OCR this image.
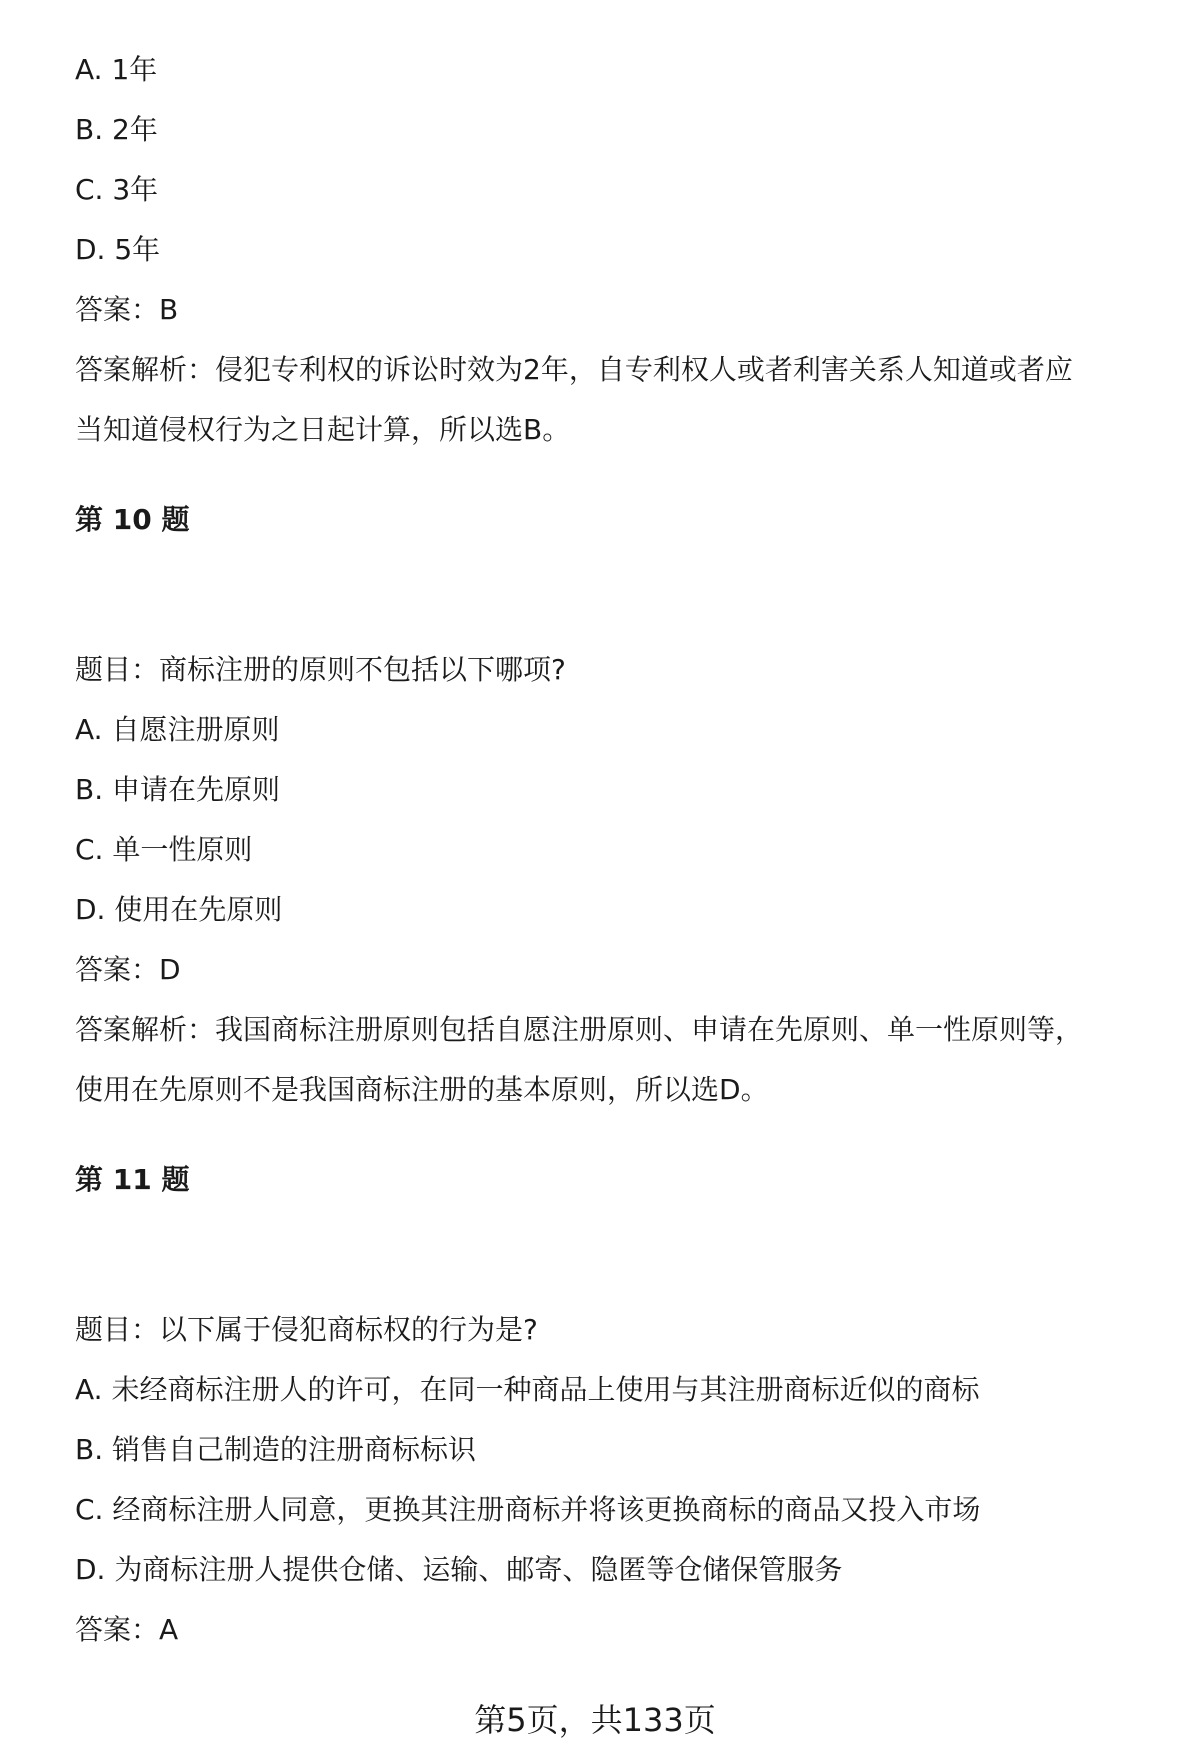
A. 1年
B. 2年
C. 3年
D. 5年
答案：B
答案解析：侵犯专利权的诉讼时效为2年，自专利权人或者利害关系人知道或者应
当知道侵权行为之日起计算，所以选B。
第 10 题
题目：商标注册的原则不包括以下哪项?
A. 自愿注册原则
B. 申请在先原则
C. 单一性原则
D. 使用在先原则
答案：D
答案解析：我国商标注册原则包括自愿注册原则、申请在先原则、单一性原则等，
使用在先原则不是我国商标注册的基本原则，所以选D。
第 11 题
题目：以下属于侵犯商标权的行为是?
A. 未经商标注册人的许可，在同一种商品上使用与其注册商标近似的商标
B. 销售自己制造的注册商标标识
C. 经商标注册人同意，更换其注册商标并将该更换商标的商品又投入市场
D. 为商标注册人提供仓储、运输、邮寄、隐匿等仓储保管服务
答案：A
第5页，共133页
